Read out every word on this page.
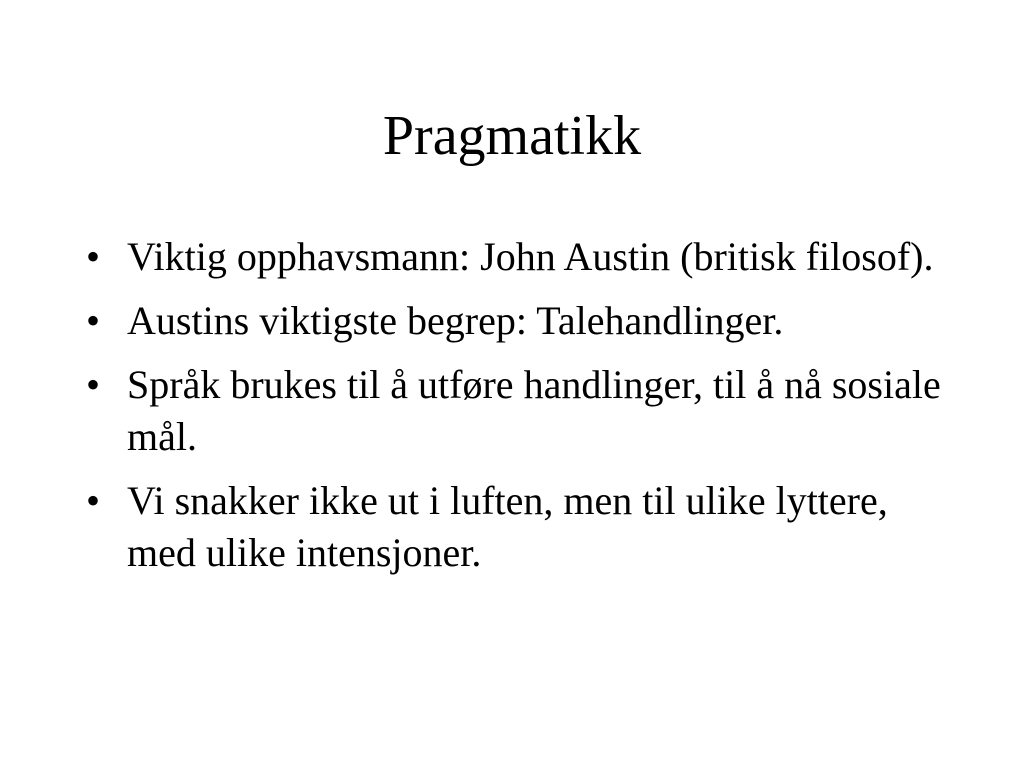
Pragmatikk
• Viktig opphavsmann: John Austin (britisk filosof).
• Austins viktigste begrep: Talehandlinger.
• Språk brukes til å utføre handlinger, til å nå sosiale mål.
• Vi snakker ikke ut i luften, men til ulike lyttere, med ulike intensjoner.
